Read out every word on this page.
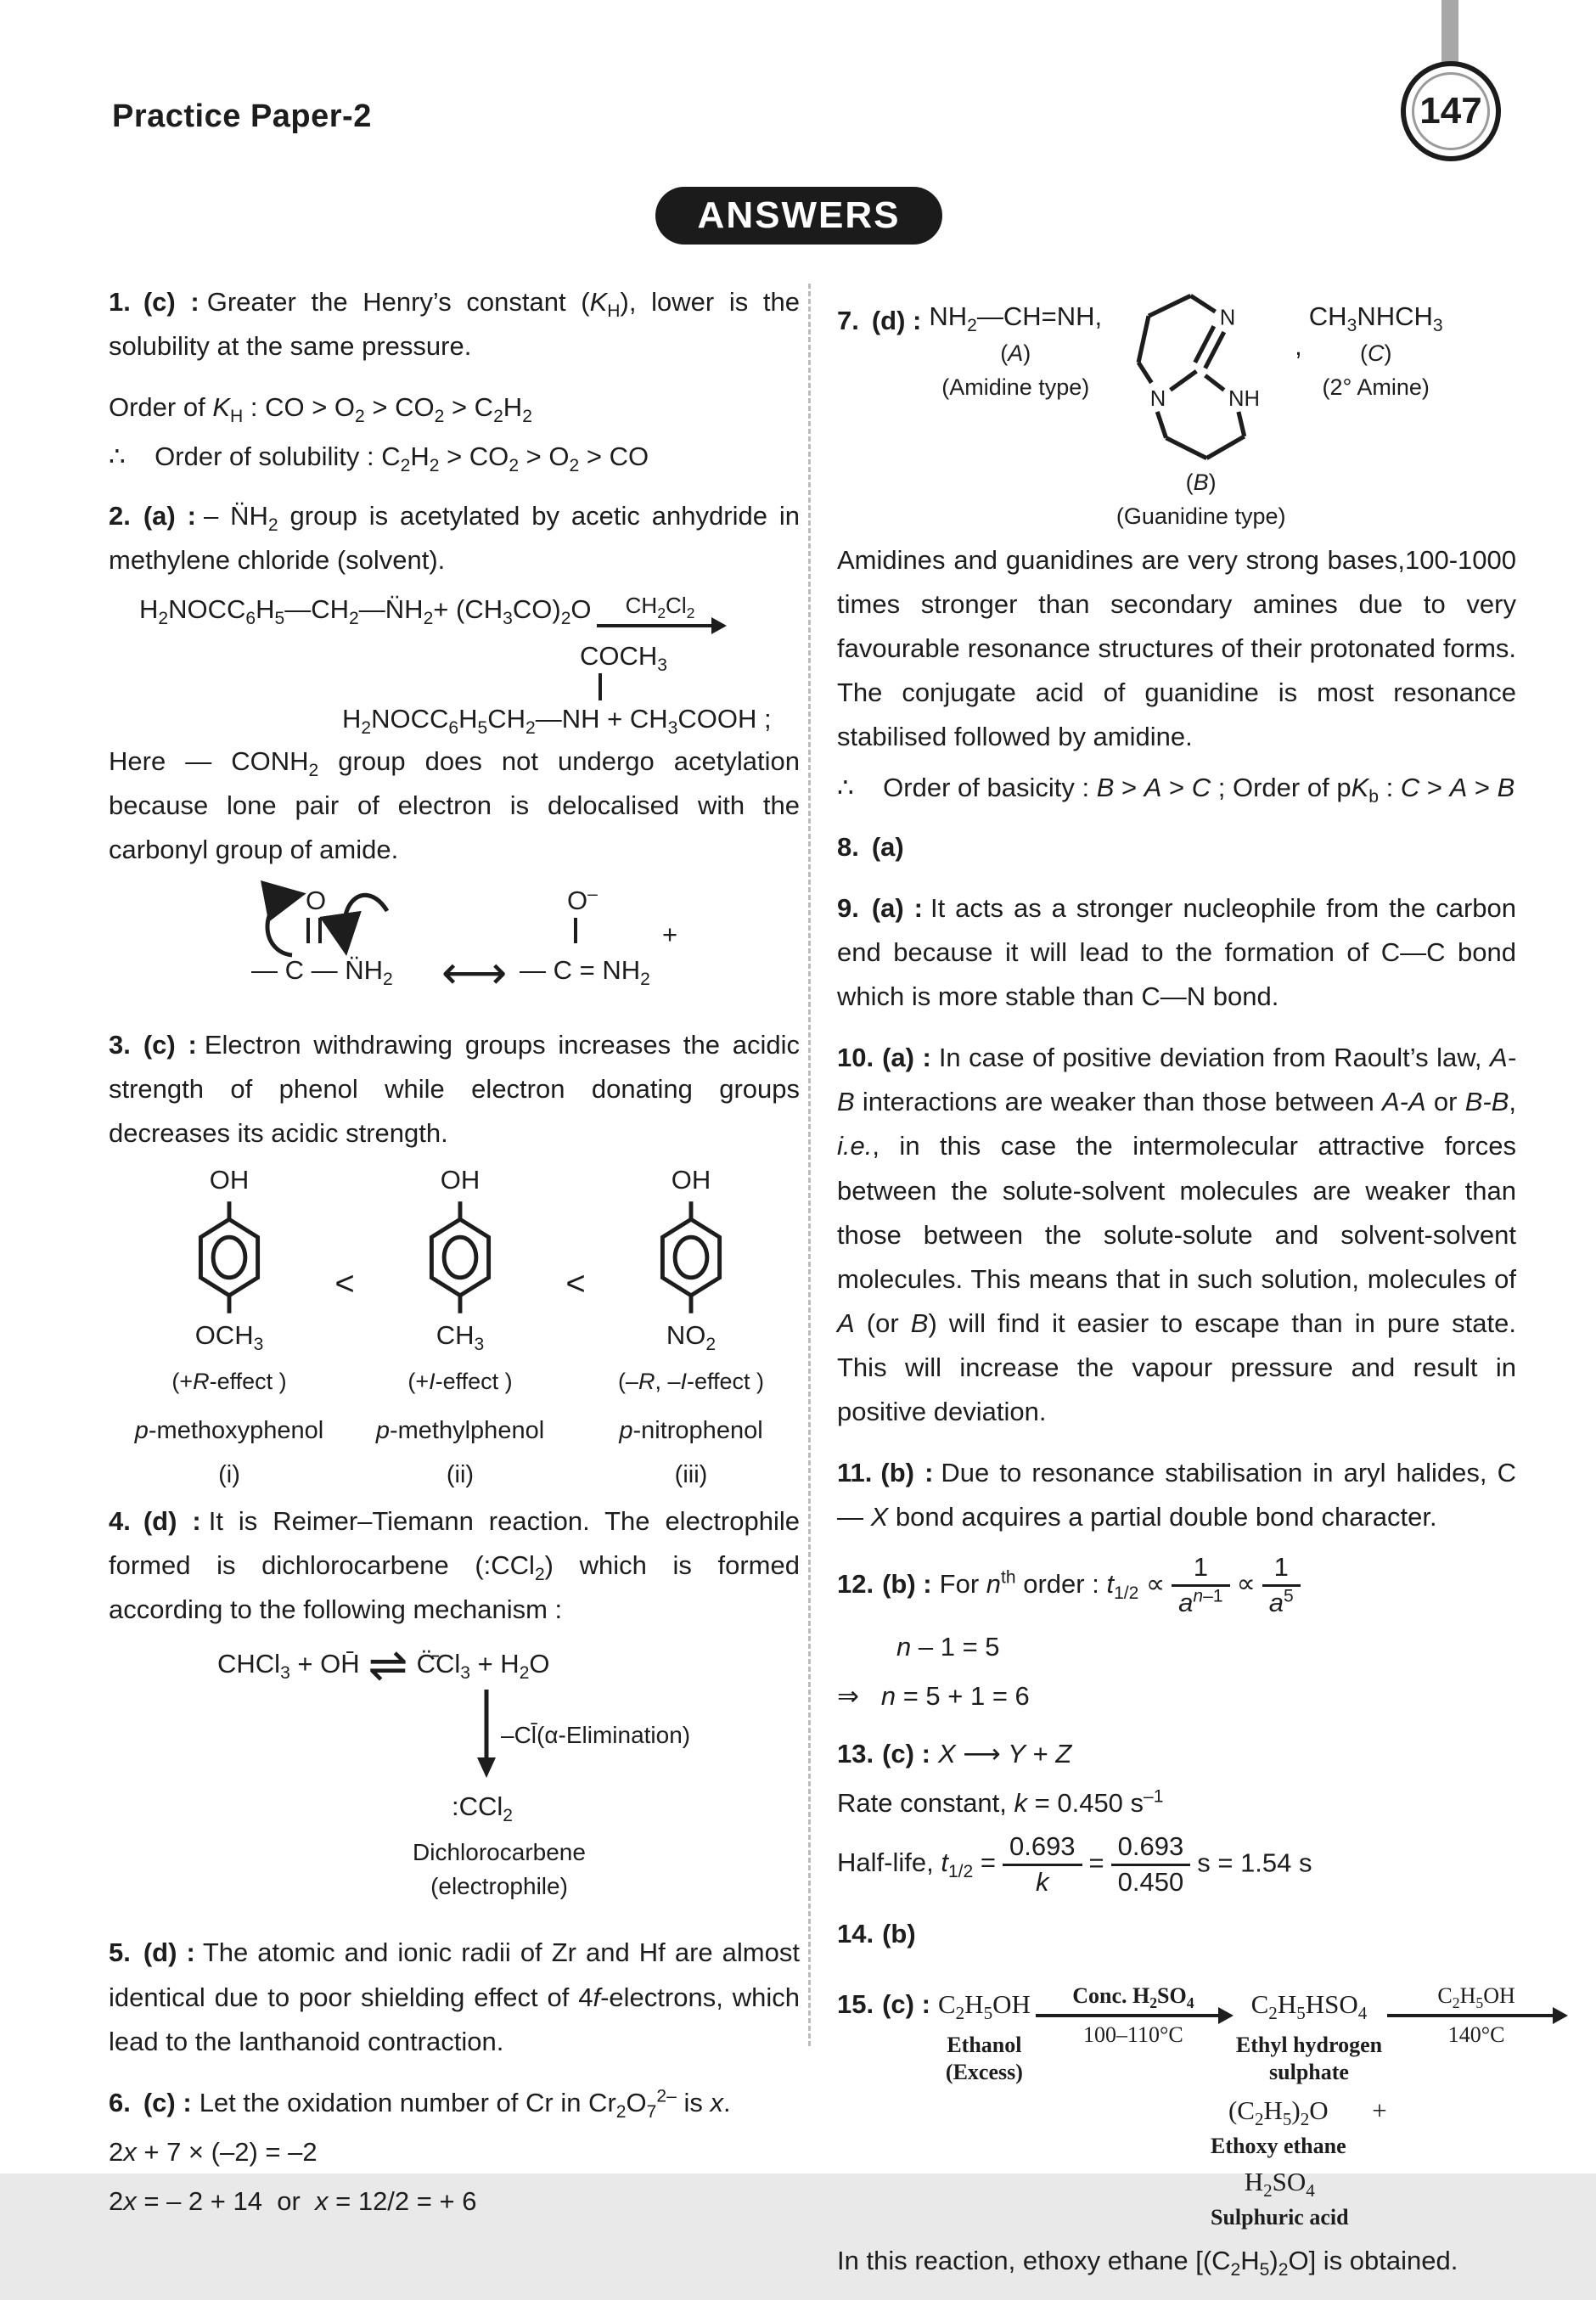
Practice Paper-2	147
ANSWERS

1. (c) : Greater the Henry’s constant $(K_H)$, lower is the solubility at the same pressure.

Order of $K_H$ : CO > $O_2 > CO_2 > C_2H_2$
∴    Order of solubility : $C_2H_2 > CO_2 > O_2$ > CO

2. (a) : – $N̈H_2$ group is acetylated by acetic anhydride in methylene chloride (solvent).

$H_2NOCC_6H_5—CH_2—N̈H_2+ (CH_3CO)_2O$ $CH_2Cl_2$
$COCH_3$
$H_2NOCC_6H_5CH_2—NH$ + $CH_3COOH$ ;

Here — $CONH_2$ group does not undergo acetylation because lone pair of electron is delocalised with the carbonyl group of amide.

O
— C — $N̈H_2$ ⟷
O–
+
— $C = NH_2$

3. (c) : Electron withdrawing groups increases the acidic strength of phenol while electron donating groups decreases its acidic strength.

OH
$OCH_3$
(+R-effect )
p-methoxyphenol
(i)
<
OH
$CH_3$
(+I-effect )
p-methylphenol
(ii)
<
OH
$NO_2$
(–R, –I-effect )
p-nitrophenol
(iii)

4. (d) : It is Reimer–Tiemann reaction. The electrophile formed is dichlorocarbene (:CCl$_2$) which is formed according to the following mechanism :

CHCl$_3$ + OH̄ ⇌ $C̈̄Cl_3 + H_2O$
–Cl̄(α-Elimination)
:CCl$_2$
Dichlorocarbene
(electrophile)

5. (d) : The atomic and ionic radii of Zr and Hf are almost identical due to poor shielding effect of 4f-electrons, which lead to the lanthanoid contraction.

6. (c) : Let the oxidation number of Cr in $Cr_2O_7^{2-}$ is x.

2x + 7 × (–2) = –2
2x = – 2 + 14  or  x = 12/2 = + 6
7. (d) : $NH_2—CH=NH$,
(A)
(Amidine type)
N
N NH
(B)
(Guanidine type)
,
$CH_3NHCH_3$
(C)
(2° Amine)

Amidines and guanidines are very strong bases,100-1000 times stronger than secondary amines due to very favourable resonance structures of their protonated forms. The conjugate acid of guanidine is most resonance stabilised followed by amidine.

∴    Order of basicity : B > A > C ; Order of $pK_b$ : C > A > B

8. (a)

9. (a) : It acts as a stronger nucleophile from the carbon end because it will lead to the formation of C—C bond which is more stable than C—N bond.

10. (a) : In case of positive deviation from Raoult’s law, A-B interactions are weaker than those between A-A or B-B, i.e., in this case the intermolecular attractive forces between the solute-solvent molecules are weaker than those between the solute-solute and solvent-solvent molecules. This means that in such solution, molecules of A (or B) will find it easier to escape than in pure state. This will increase the vapour pressure and result in positive deviation.

11. (b) : Due to resonance stabilisation in aryl halides, C — X bond acquires a partial double bond character.

12. (b) : For $n^{th}$ order : $t_{1/2} \propto \frac{1}{a^{n-1}} \propto \frac{1}{a^5}$
n – 1 = 5
⇒   n = 5 + 1 = 6
13. (c) : X ⟶ Y + Z
Rate constant, k = 0.450 $s^{-1}$
Half-life, $t_{1/2} = \frac{0.693}{k} = \frac{0.693}{0.450}$ s = 1.54 s

14. (b)

15. (c) : $C_2H_5OH$
Ethanol
(Excess)
Conc. $H_2SO_4$
100–110°C
$C_2H_5HSO_4$
Ethyl hydrogen
sulphate
$C_2H_5OH$
140°C
$(C_2H_5)_2O$
Ethoxy ethane
+
$H_2SO_4$
Sulphuric acid

In this reaction, ethoxy ethane $[(C_2H_5)_2O]$ is obtained.
